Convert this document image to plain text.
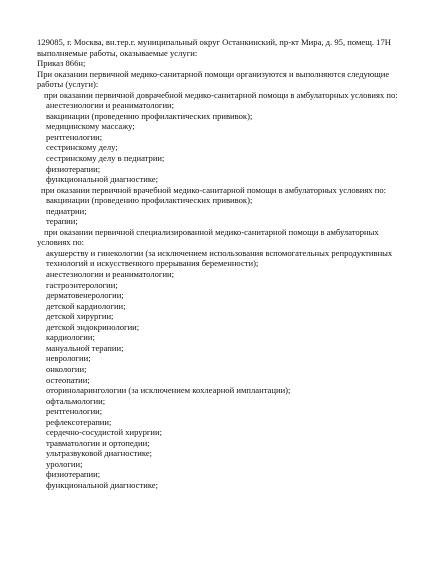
129085, г. Москва, вн.тер.г. муниципальный округ Останкинский, пр-кт Мира, д. 95, помещ. 17Н

выполняемые работы, оказываемые услуги:

Приказ 866н;

При оказании первичной медико-санитарной помощи организуются и выполняются следующие работы (услуги):

при оказании первичной доврачебной медико-санитарной помощи в амбулаторных условиях по:

анестезиологии и реаниматологии;

вакцинации (проведению профилактических прививок);

медицинскому массажу;

рентгенологии;

сестринскому делу;

сестринскому делу в педиатрии;

физиотерапии;

функциональной диагностике;

при оказании первичной врачебной медико-санитарной помощи в амбулаторных условиях по:

вакцинации (проведению профилактических прививок);

педиатрии;

терапии;

при оказании первичной специализированной медико-санитарной помощи в амбулаторных условиях по:

акушерству и гинекологии (за исключением использования вспомогательных репродуктивных технологий и искусственного прерывания беременности);

анестезиологии и реаниматологии;

гастроэнтерологии;

дерматовенерологии;

детской кардиологии;

детской хирургии;

детской эндокринологии;

кардиологии;

мануальной терапии;

неврологии;

онкологии;

остеопатии;

оториноларингологии (за исключением кохлеарной имплантации);

офтальмологии;

рентгенологии;

рефлексотерапии;

сердечно-сосудистой хирургии;

травматологии и ортопедии;

ультразвуковой диагностике;

урологии;

физиотерапии;

функциональной диагностике;
